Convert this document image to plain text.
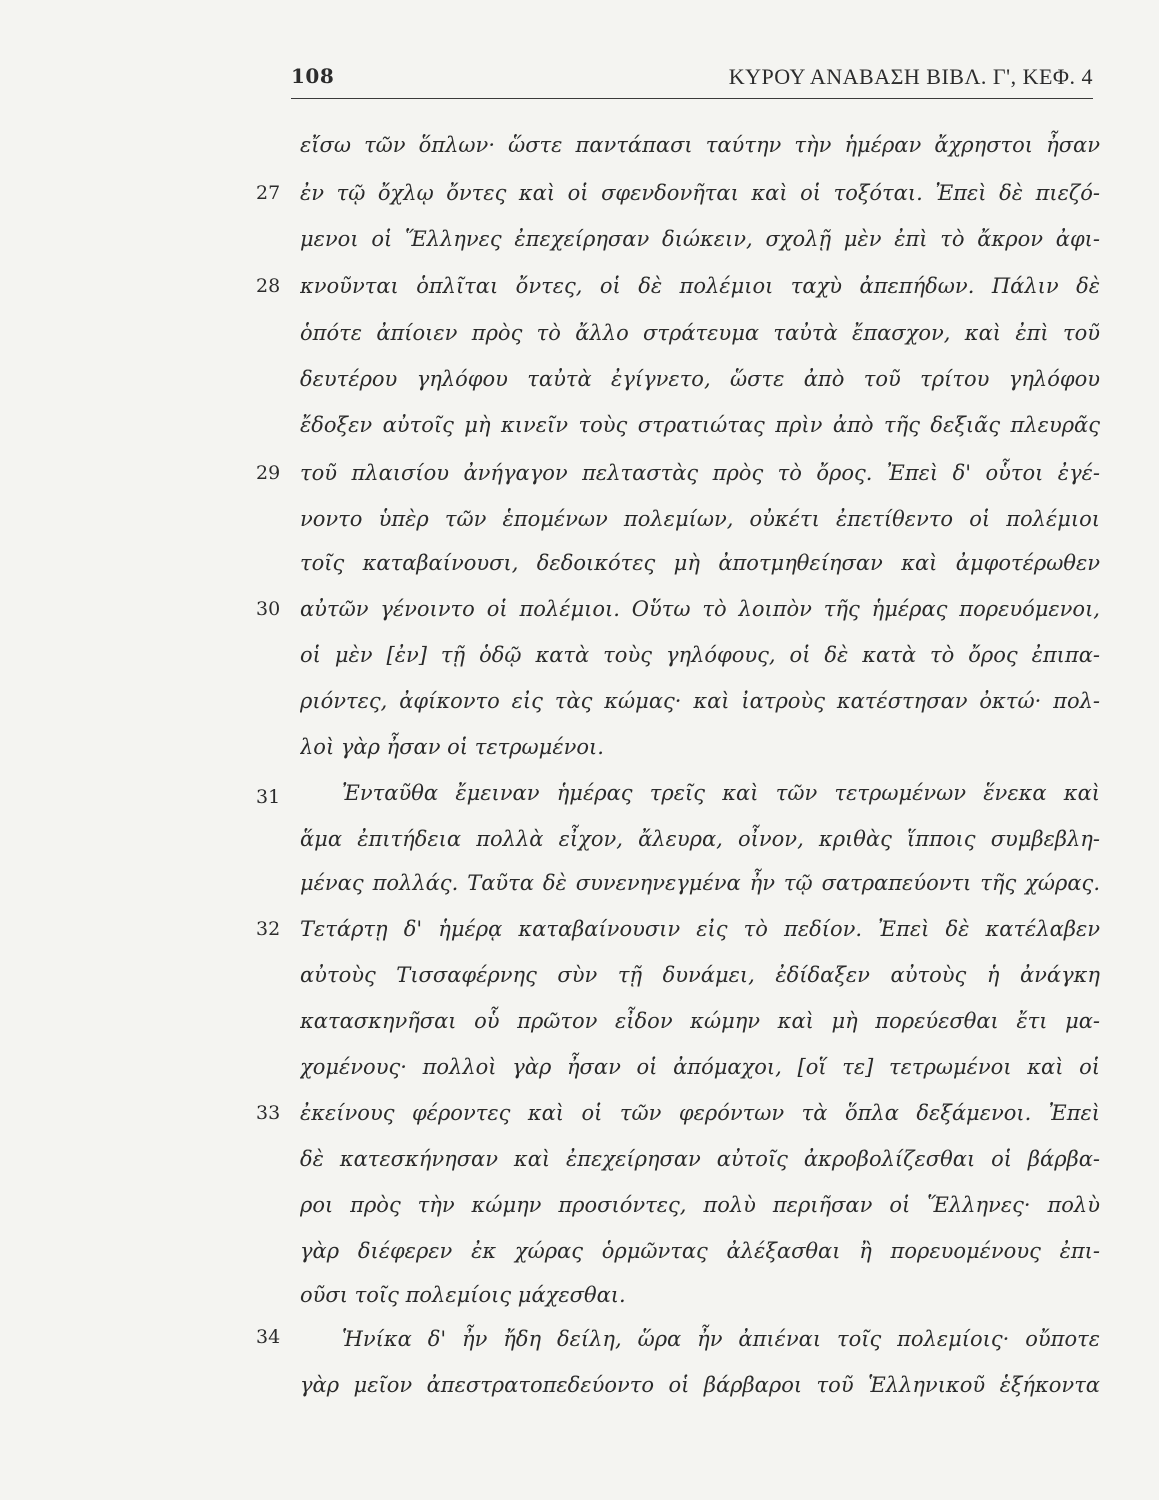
108	ΚΥΡΟΥ ΑΝΑΒΑΣΗ ΒΙΒΛ. Γ', ΚΕΦ. 4
27
28
29
30
31
32
33
34
εἴσω τῶν ὅπλων· ὥστε παντάπασι ταύτην τὴν ἡμέραν ἄχρηστοι ἦσαν
ἐν τῷ ὄχλῳ ὄντες καὶ οἱ σφενδονῆται καὶ οἱ τοξόται. Ἐπεὶ δὲ πιεζό-
μενοι οἱ Ἕλληνες ἐπεχείρησαν διώκειν, σχολῇ μὲν ἐπὶ τὸ ἄκρον ἀφι-
κνοῦνται ὁπλῖται ὄντες, οἱ δὲ πολέμιοι ταχὺ ἀπεπήδων. Πάλιν δὲ
ὁπότε ἀπίοιεν πρὸς τὸ ἄλλο στράτευμα ταὐτὰ ἔπασχον, καὶ ἐπὶ τοῦ
δευτέρου γηλόφου ταὐτὰ ἐγίγνετο, ὥστε ἀπὸ τοῦ τρίτου γηλόφου
ἔδοξεν αὐτοῖς μὴ κινεῖν τοὺς στρατιώτας πρὶν ἀπὸ τῆς δεξιᾶς πλευρᾶς
τοῦ πλαισίου ἀνήγαγον πελταστὰς πρὸς τὸ ὄρος. Ἐπεὶ δ' οὗτοι ἐγέ-
νοντο ὑπὲρ τῶν ἑπομένων πολεμίων, οὐκέτι ἐπετίθεντο οἱ πολέμιοι
τοῖς καταβαίνουσι, δεδοικότες μὴ ἀποτμηθείησαν καὶ ἀμφοτέρωθεν
αὐτῶν γένοιντο οἱ πολέμιοι. Οὕτω τὸ λοιπὸν τῆς ἡμέρας πορευόμενοι,
οἱ μὲν [ἐν] τῇ ὁδῷ κατὰ τοὺς γηλόφους, οἱ δὲ κατὰ τὸ ὄρος ἐπιπα-
ριόντες, ἀφίκοντο εἰς τὰς κώμας· καὶ ἰατροὺς κατέστησαν ὀκτώ· πολ-
λοὶ γὰρ ἦσαν οἱ τετρωμένοι.
Ἐνταῦθα ἔμειναν ἡμέρας τρεῖς καὶ τῶν τετρωμένων ἕνεκα καὶ
ἅμα ἐπιτήδεια πολλὰ εἶχον, ἄλευρα, οἶνον, κριθὰς ἵπποις συμβεβλη-
μένας πολλάς. Ταῦτα δὲ συνενηνεγμένα ἦν τῷ σατραπεύοντι τῆς χώρας.
Τετάρτῃ δ' ἡμέρᾳ καταβαίνουσιν εἰς τὸ πεδίον. Ἐπεὶ δὲ κατέλαβεν
αὐτοὺς Τισσαφέρνης σὺν τῇ δυνάμει, ἐδίδαξεν αὐτοὺς ἡ ἀνάγκη
κατασκηνῆσαι οὗ πρῶτον εἶδον κώμην καὶ μὴ πορεύεσθαι ἔτι μα-
χομένους· πολλοὶ γὰρ ἦσαν οἱ ἀπόμαχοι, [οἵ τε] τετρωμένοι καὶ οἱ
ἐκείνους φέροντες καὶ οἱ τῶν φερόντων τὰ ὅπλα δεξάμενοι. Ἐπεὶ
δὲ κατεσκήνησαν καὶ ἐπεχείρησαν αὐτοῖς ἀκροβολίζεσθαι οἱ βάρβα-
ροι πρὸς τὴν κώμην προσιόντες, πολὺ περιῆσαν οἱ Ἕλληνες· πολὺ
γὰρ διέφερεν ἐκ χώρας ὁρμῶντας ἀλέξασθαι ἢ πορευομένους ἐπι-
οῦσι τοῖς πολεμίοις μάχεσθαι.
Ἡνίκα δ' ἦν ἤδη δείλη, ὥρα ἦν ἀπιέναι τοῖς πολεμίοις· οὔποτε
γὰρ μεῖον ἀπεστρατοπεδεύοντο οἱ βάρβαροι τοῦ Ἑλληνικοῦ ἑξήκοντα
